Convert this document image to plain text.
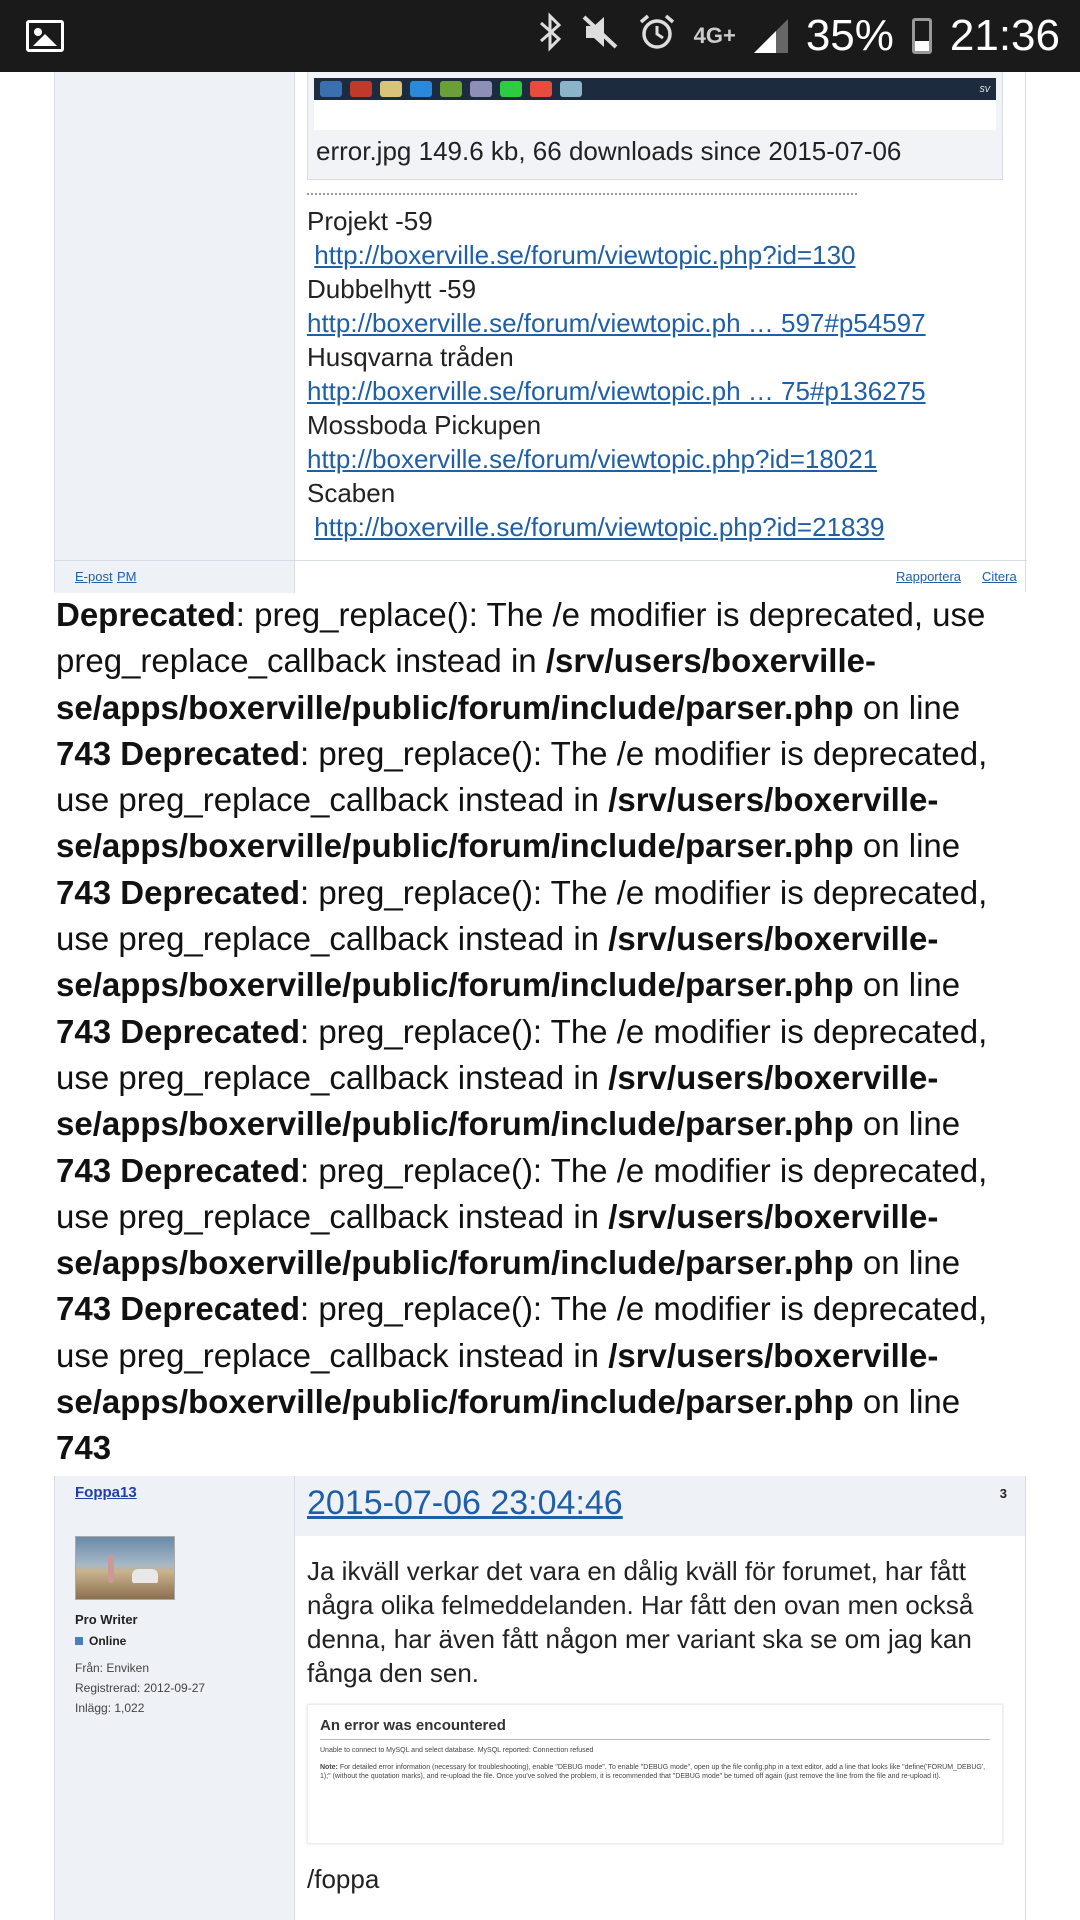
4G+ 35% 21:36
SV
error.jpg 149.6 kb, 66 downloads since 2015-07-06
Projekt -59
http://boxerville.se/forum/viewtopic.php?id=130
Dubbelhytt -59
http://boxerville.se/forum/viewtopic.ph … 597#p54597
Husqvarna tråden
http://boxerville.se/forum/viewtopic.ph … 75#p136275
Mossboda Pickupen
http://boxerville.se/forum/viewtopic.php?id=18021
Scaben
http://boxerville.se/forum/viewtopic.php?id=21839
E-post PM	Rapportera Citera
Deprecated: preg_replace(): The /e modifier is deprecated, use preg_replace_callback instead in /srv/users/boxerville-se/apps/boxerville/public/forum/include/parser.php on line 743 Deprecated: preg_replace(): The /e modifier is deprecated, use preg_replace_callback instead in /srv/users/boxerville-se/apps/boxerville/public/forum/include/parser.php on line 743 Deprecated: preg_replace(): The /e modifier is deprecated, use preg_replace_callback instead in /srv/users/boxerville-se/apps/boxerville/public/forum/include/parser.php on line 743 Deprecated: preg_replace(): The /e modifier is deprecated, use preg_replace_callback instead in /srv/users/boxerville-se/apps/boxerville/public/forum/include/parser.php on line 743 Deprecated: preg_replace(): The /e modifier is deprecated, use preg_replace_callback instead in /srv/users/boxerville-se/apps/boxerville/public/forum/include/parser.php on line 743 Deprecated: preg_replace(): The /e modifier is deprecated, use preg_replace_callback instead in /srv/users/boxerville-se/apps/boxerville/public/forum/include/parser.php on line 743
Foppa13
Pro Writer
Online
Från: Enviken
Registrerad: 2012-09-27
Inlägg: 1,022
2015-07-06 23:04:46	3
Ja ikväll verkar det vara en dålig kväll för forumet, har fått några olika felmeddelanden. Har fått den ovan men också denna, har även fått någon mer variant ska se om jag kan fånga den sen.
An error was encountered
Unable to connect to MySQL and select database. MySQL reported: Connection refused
Note: For detailed error information (necessary for troubleshooting), enable "DEBUG mode". To enable "DEBUG mode", open up the file config.php in a text editor, add a line that looks like "define('FORUM_DEBUG', 1);" (without the quotation marks), and re-upload the file. Once you've solved the problem, it is recommended that "DEBUG mode" be turned off again (just remove the line from the file and re-upload it).
/foppa
